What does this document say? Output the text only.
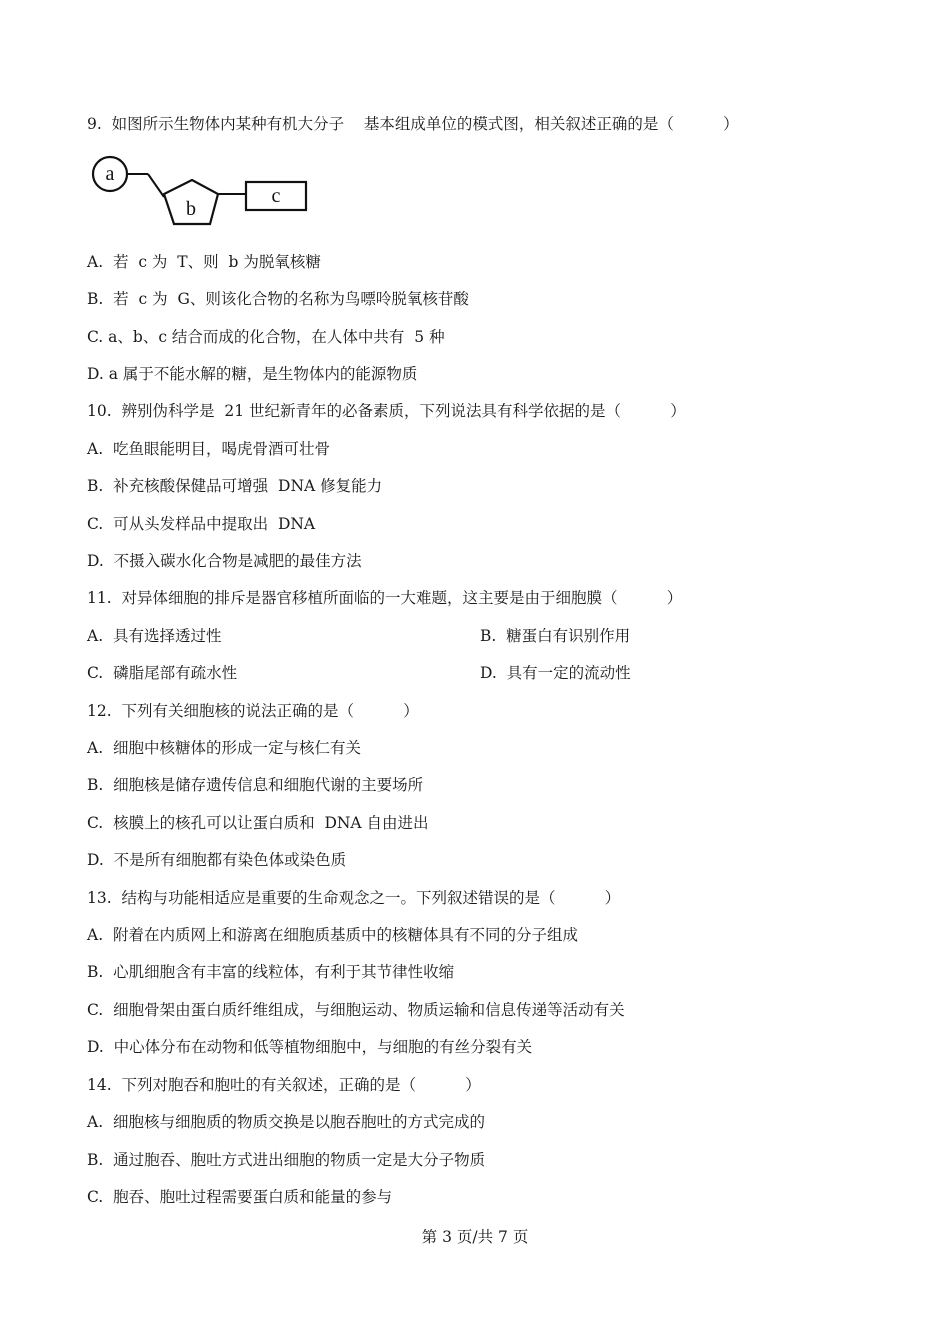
9.  如图所示生物体内某种有机大分子    基本组成单位的模式图，相关叙述正确的是（          ）
a
b
c
A.  若  c 为  T、则  b 为脱氧核糖
B.  若  c 为  G、则该化合物的名称为鸟嘌呤脱氧核苷酸
C. a、b、c 结合而成的化合物，在人体中共有  5 种
D. a 属于不能水解的糖，是生物体内的能源物质
10.  辨别伪科学是  21 世纪新青年的必备素质，下列说法具有科学依据的是（          ）
A.  吃鱼眼能明目，喝虎骨酒可壮骨
B.  补充核酸保健品可增强  DNA 修复能力
C.  可从头发样品中提取出  DNA
D.  不摄入碳水化合物是减肥的最佳方法
11.  对异体细胞的排斥是器官移植所面临的一大难题，这主要是由于细胞膜（          ）
A.  具有选择透过性	B.  糖蛋白有识别作用
C.  磷脂尾部有疏水性	D.  具有一定的流动性
12.  下列有关细胞核的说法正确的是（          ）
A.  细胞中核糖体的形成一定与核仁有关
B.  细胞核是储存遗传信息和细胞代谢的主要场所
C.  核膜上的核孔可以让蛋白质和  DNA 自由进出
D.  不是所有细胞都有染色体或染色质
13.  结构与功能相适应是重要的生命观念之一。下列叙述错误的是（          ）
A.  附着在内质网上和游离在细胞质基质中的核糖体具有不同的分子组成
B.  心肌细胞含有丰富的线粒体，有利于其节律性收缩
C.  细胞骨架由蛋白质纤维组成，与细胞运动、物质运输和信息传递等活动有关
D.  中心体分布在动物和低等植物细胞中，与细胞的有丝分裂有关
14.  下列对胞吞和胞吐的有关叙述，正确的是（          ）
A.  细胞核与细胞质的物质交换是以胞吞胞吐的方式完成的
B.  通过胞吞、胞吐方式进出细胞的物质一定是大分子物质
C.  胞吞、胞吐过程需要蛋白质和能量的参与
第 3 页/共 7 页
